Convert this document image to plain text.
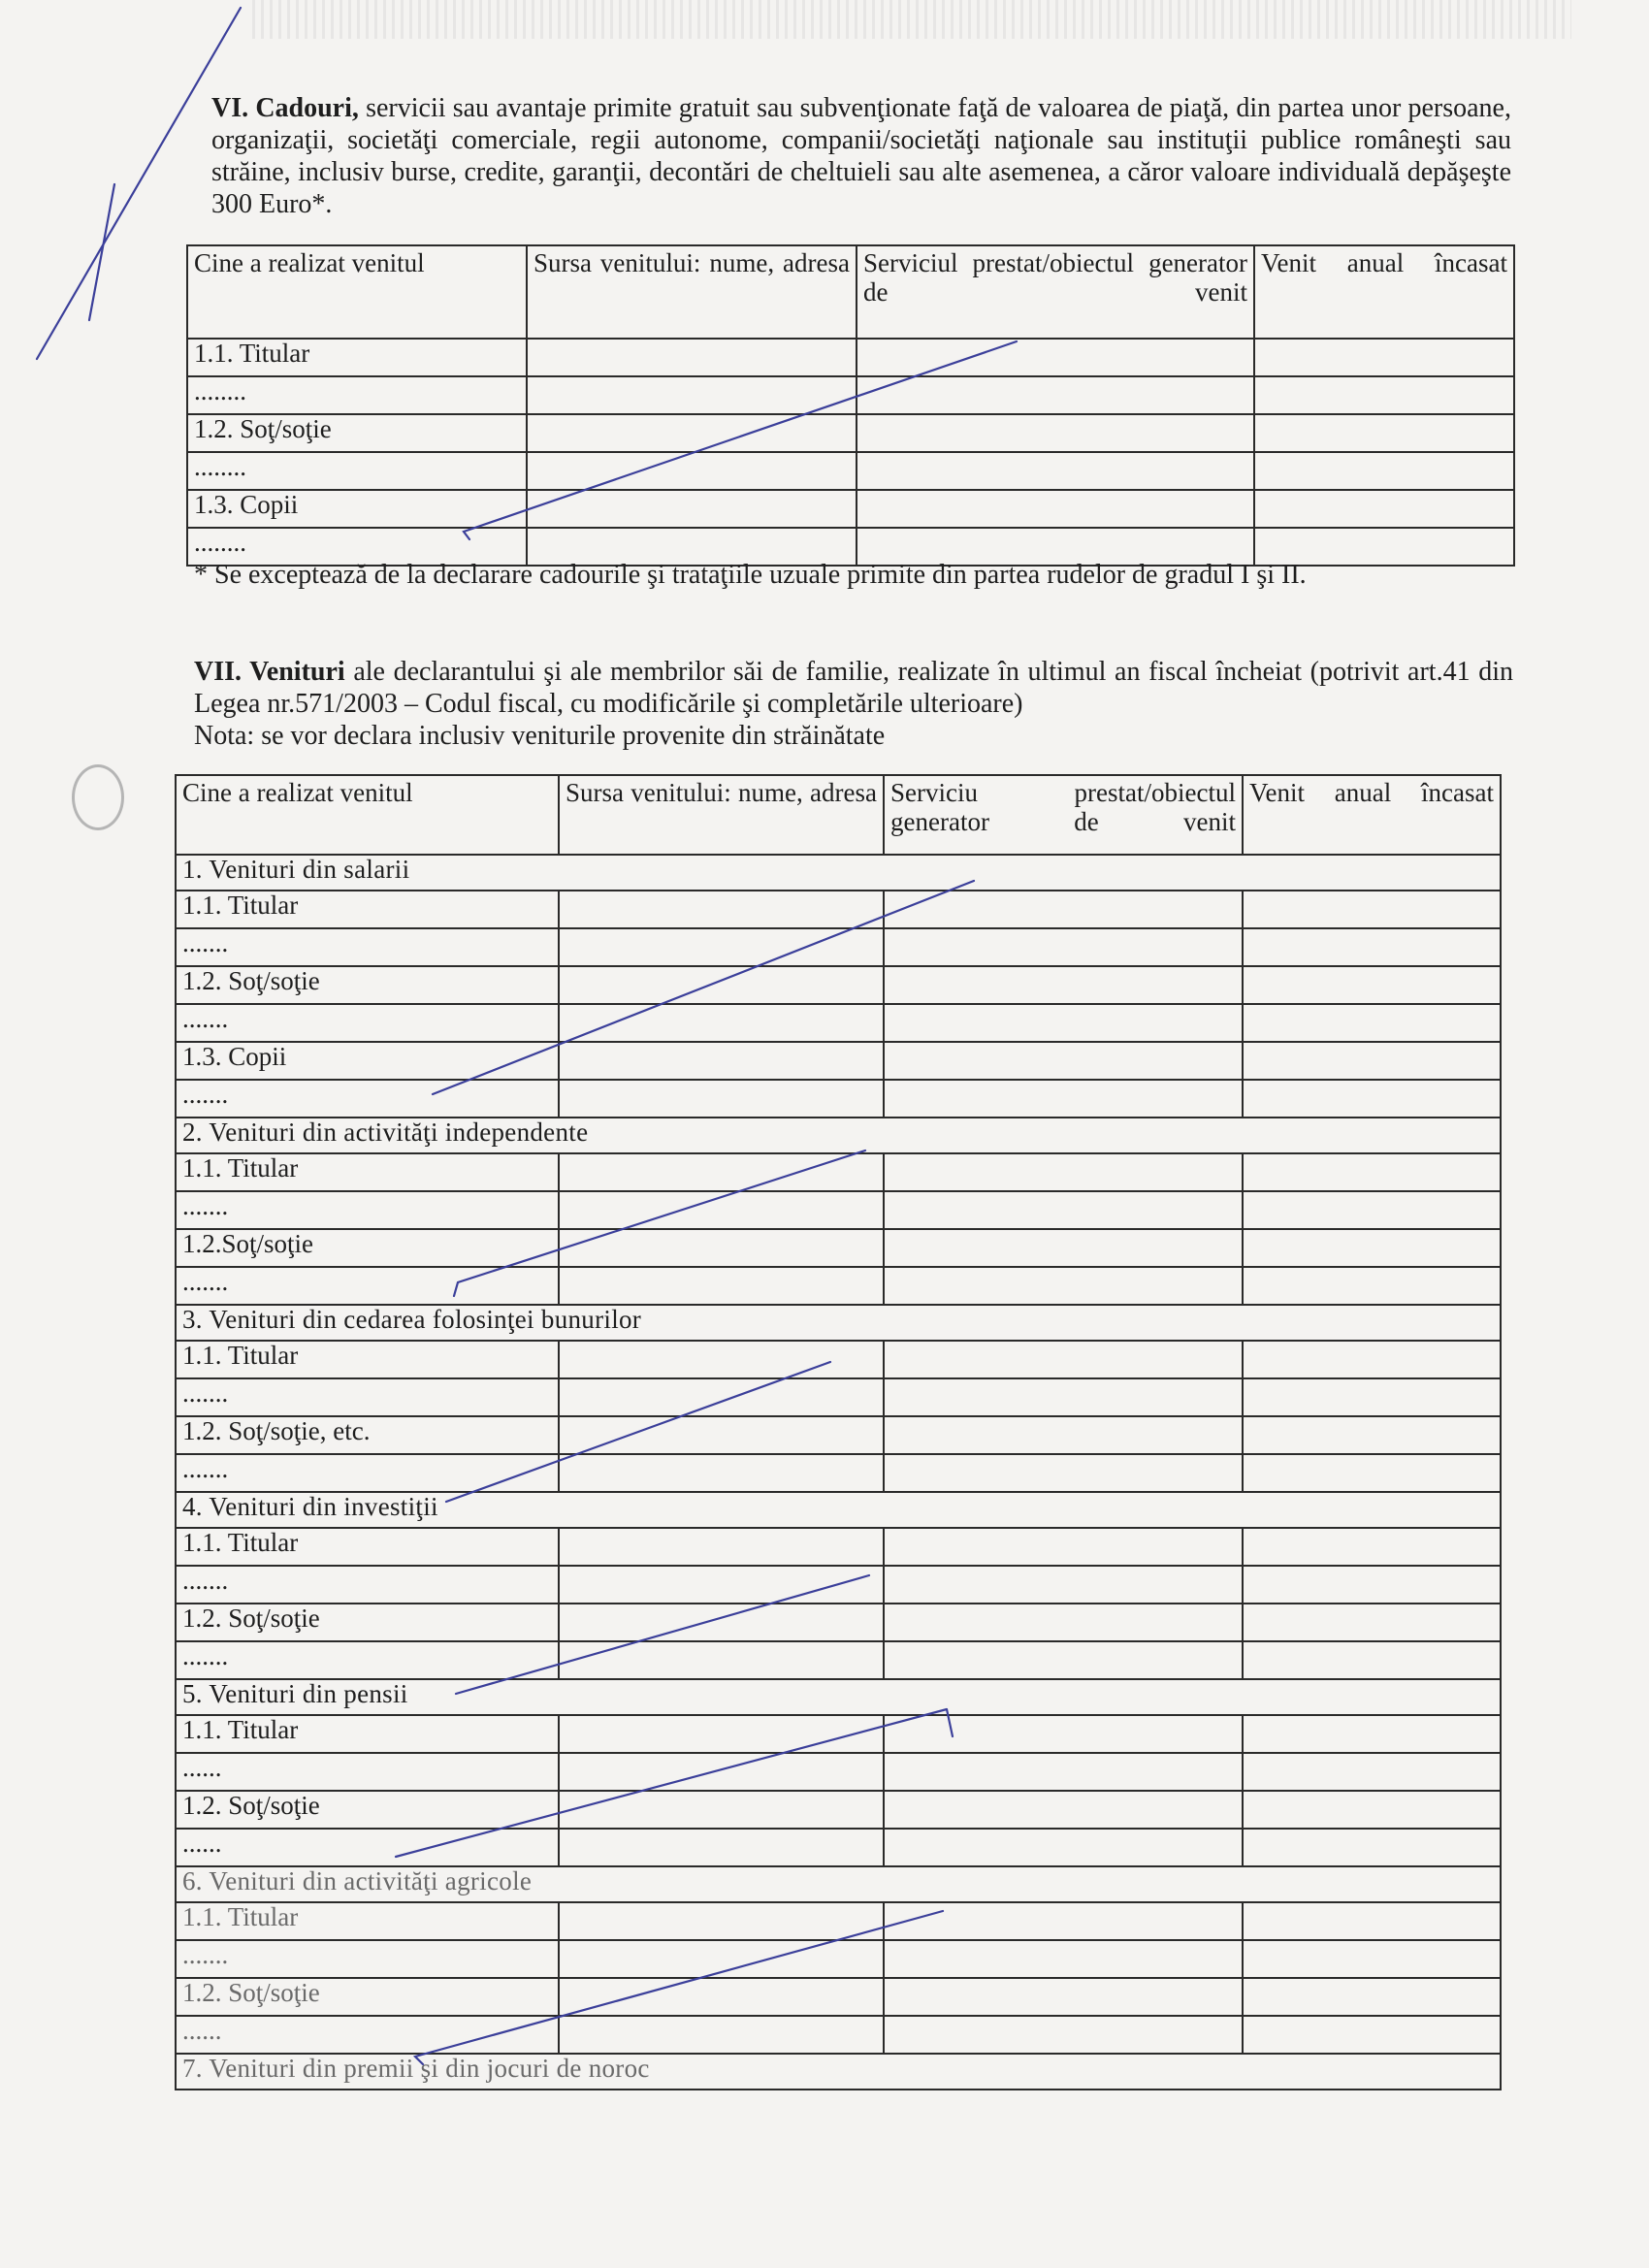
VI. Cadouri, servicii sau avantaje primite gratuit sau subvenţionate faţă de valoarea de piaţă, din partea unor persoane, organizaţii, societăţi comerciale, regii autonome, companii/societăţi naţionale sau instituţii publice româneşti sau străine, inclusiv burse, credite, garanţii, decontări de cheltuieli sau alte asemenea, a căror valoare individuală depăşeşte 300 Euro*.
Cine a realizat venitul	Sursa venitului: nume, adresa	Serviciul prestat/obiectul generator de venit	Venit anual încasat
1.1. Titular			
........			
1.2. Soţ/soţie			
........			
1.3. Copii			
........			
* Se exceptează de la declarare cadourile şi trataţiile uzuale primite din partea rudelor de gradul I şi II.
VII. Venituri ale declarantului şi ale membrilor săi de familie, realizate în ultimul an fiscal încheiat (potrivit art.41 din Legea nr.571/2003 – Codul fiscal, cu modificările şi completările ulterioare)
Nota: se vor declara inclusiv veniturile provenite din străinătate
Cine a realizat venitul	Sursa venitului: nume, adresa	Serviciu prestat/obiectul generator de venit	Venit anual încasat
1. Venituri din salarii			
1.1. Titular			
.......			
1.2. Soţ/soţie			
.......			
1.3. Copii			
.......			
2. Venituri din activităţi independente			
1.1. Titular			
.......			
1.2.Soţ/soţie			
.......			
3. Venituri din cedarea folosinţei bunurilor			
1.1. Titular			
.......			
1.2. Soţ/soţie, etc.			
.......			
4. Venituri din investiţii			
1.1. Titular			
.......			
1.2. Soţ/soţie			
.......			
5. Venituri din pensii			
1.1. Titular			
......			
1.2. Soţ/soţie			
......			
6. Venituri din activităţi agricole			
1.1. Titular			
.......			
1.2. Soţ/soţie			
......			
7. Venituri din premii şi din jocuri de noroc			
